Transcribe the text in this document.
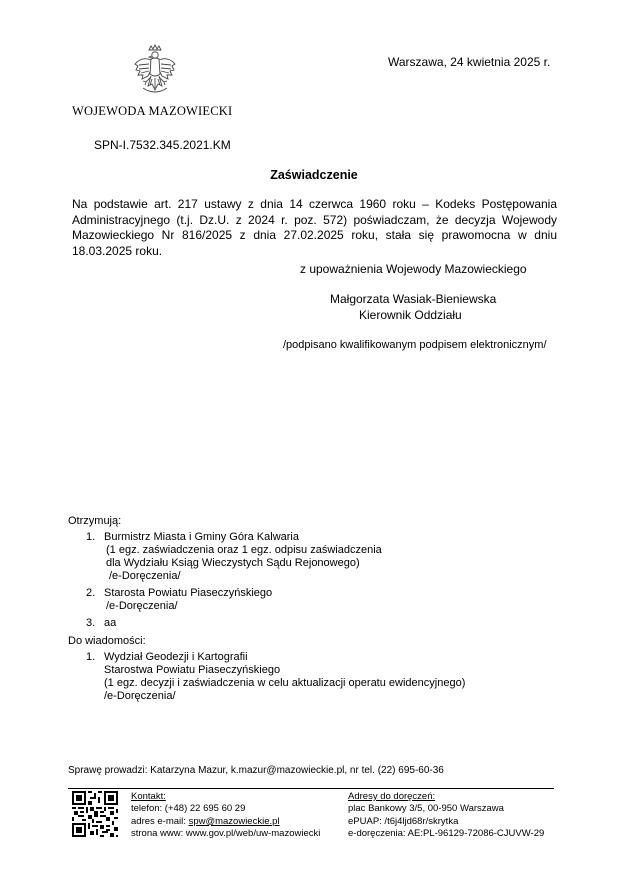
Warszawa, 24 kwietnia 2025 r.
WOJEWODA MAZOWIECKI
SPN-I.7532.345.2021.KM
Zaświadczenie
Na podstawie art. 217 ustawy z dnia 14 czerwca 1960 roku – Kodeks Postępowania Administracyjnego (t.j. Dz.U. z 2024 r. poz. 572) poświadczam, że decyzja Wojewody Mazowieckiego Nr 816/2025 z dnia 27.02.2025 roku, stała się prawomocna w dniu 18.03.2025 roku.
z upoważnienia Wojewody Mazowieckiego
Małgorzata Wasiak-Bieniewska
Kierownik Oddziału
/podpisano kwalifikowanym podpisem elektronicznym/
Otrzymują:
1. Burmistrz Miasta i Gminy Góra Kalwaria
(1 egz. zaświadczenia oraz 1 egz. odpisu zaświadczenia
dla Wydziału Ksiąg Wieczystych Sądu Rejonowego)
/e-Doręczenia/
2. Starosta Powiatu Piaseczyńskiego
/e-Doręczenia/
3. aa
Do wiadomości:
1. Wydział Geodezji i Kartografii
Starostwa Powiatu Piaseczyńskiego
(1 egz. decyzji i zaświadczenia w celu aktualizacji operatu ewidencyjnego)
/e-Doręczenia/
Sprawę prowadzi: Katarzyna Mazur, k.mazur@mazowieckie.pl, nr tel. (22) 695-60-36
Kontakt:
telefon: (+48) 22 695 60 29
adres e-mail: spw@mazowieckie.pl
strona www: www.gov.pl/web/uw-mazowiecki
Adresy do doręczeń:
plac Bankowy 3/5, 00-950 Warszawa
ePUAP: /t6j4ljd68r/skrytka
e-doręczenia: AE:PL-96129-72086-CJUVW-29
